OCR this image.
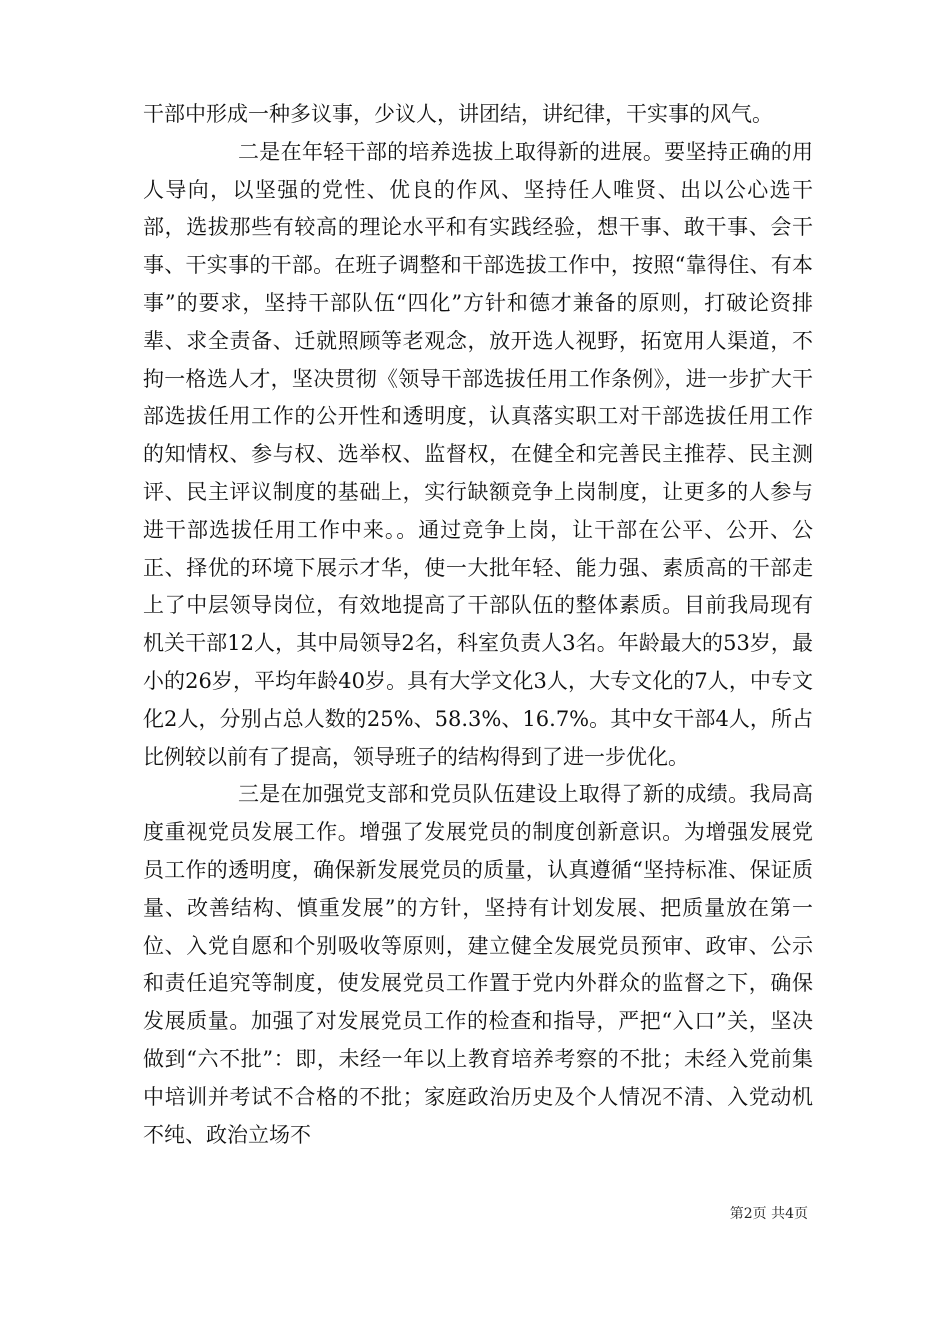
干部中形成一种多议事，少议人，讲团结，讲纪律，干实事的风气。

二是在年轻干部的培养选拔上取得新的进展。要坚持正确的用人导向，以坚强的党性、优良的作风、坚持任人唯贤、出以公心选干部，选拔那些有较高的理论水平和有实践经验，想干事、敢干事、会干事、干实事的干部。在班子调整和干部选拔工作中，按照“靠得住、有本事”的要求，坚持干部队伍“四化”方针和德才兼备的原则，打破论资排辈、求全责备、迁就照顾等老观念，放开选人视野，拓宽用人渠道，不拘一格选人才，坚决贯彻《领导干部选拔任用工作条例》，进一步扩大干部选拔任用工作的公开性和透明度，认真落实职工对干部选拔任用工作的知情权、参与权、选举权、监督权，在健全和完善民主推荐、民主测评、民主评议制度的基础上，实行缺额竞争上岗制度，让更多的人参与进干部选拔任用工作中来。。通过竞争上岗，让干部在公平、公开、公正、择优的环境下展示才华，使一大批年轻、能力强、素质高的干部走上了中层领导岗位，有效地提高了干部队伍的整体素质。目前我局现有机关干部12人，其中局领导2名，科室负责人3名。年龄最大的53岁，最小的26岁，平均年龄40岁。具有大学文化3人，大专文化的7人，中专文化2人，分别占总人数的25%、58.3%、16.7%。其中女干部4人，所占比例较以前有了提高，领导班子的结构得到了进一步优化。

三是在加强党支部和党员队伍建设上取得了新的成绩。我局高度重视党员发展工作。增强了发展党员的制度创新意识。为增强发展党员工作的透明度，确保新发展党员的质量，认真遵循“坚持标准、保证质量、改善结构、慎重发展”的方针，坚持有计划发展、把质量放在第一位、入党自愿和个别吸收等原则，建立健全发展党员预审、政审、公示和责任追究等制度，使发展党员工作置于党内外群众的监督之下，确保发展质量。加强了对发展党员工作的检查和指导，严把“入口”关，坚决做到“六不批”：即，未经一年以上教育培养考察的不批；未经入党前集中培训并考试不合格的不批；家庭政治历史及个人情况不清、入党动机不纯、政治立场不

第2页 共4页
